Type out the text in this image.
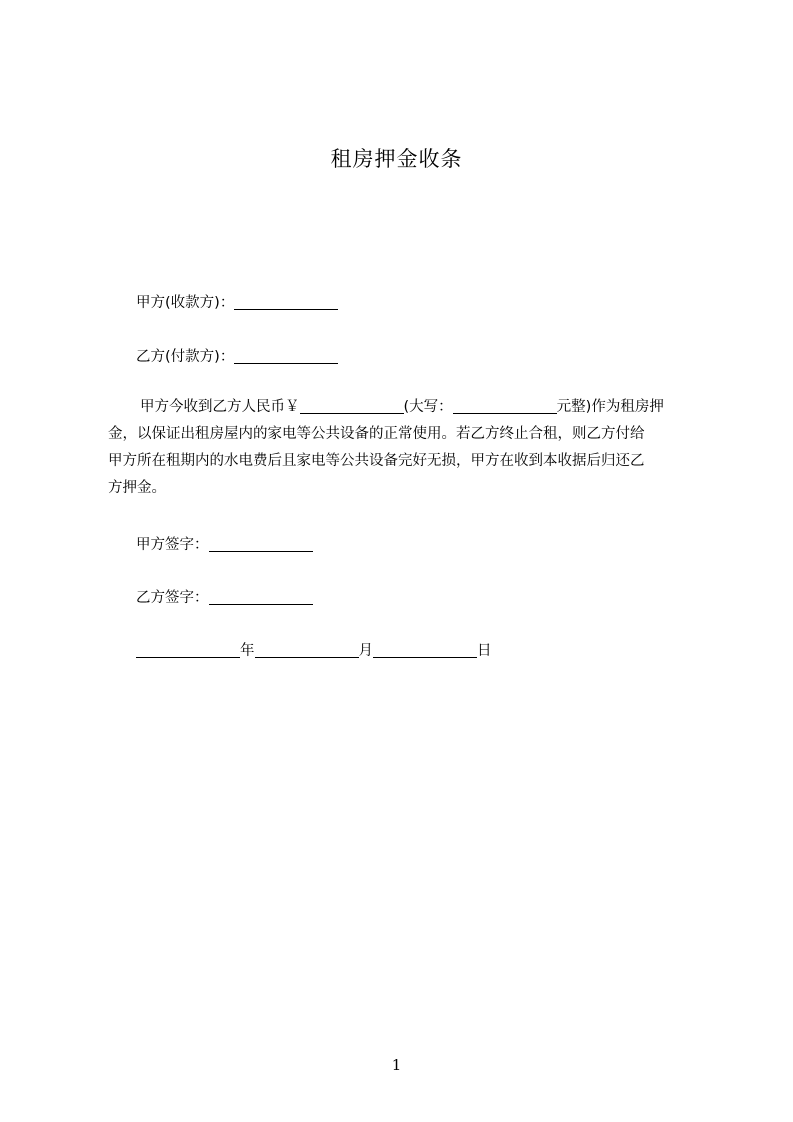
租房押金收条
甲方(收款方)：
乙方(付款方)：

甲方今收到乙方人民币￥	(大写：	元整)作为租房押

金，以保证出租房屋内的家电等公共设备的正常使用。若乙方终止合租，则乙方付给

甲方所在租期内的水电费后且家电等公共设备完好无损，甲方在收到本收据后归还乙

方押金。

甲方签字：
乙方签字：
年	月	日
1
